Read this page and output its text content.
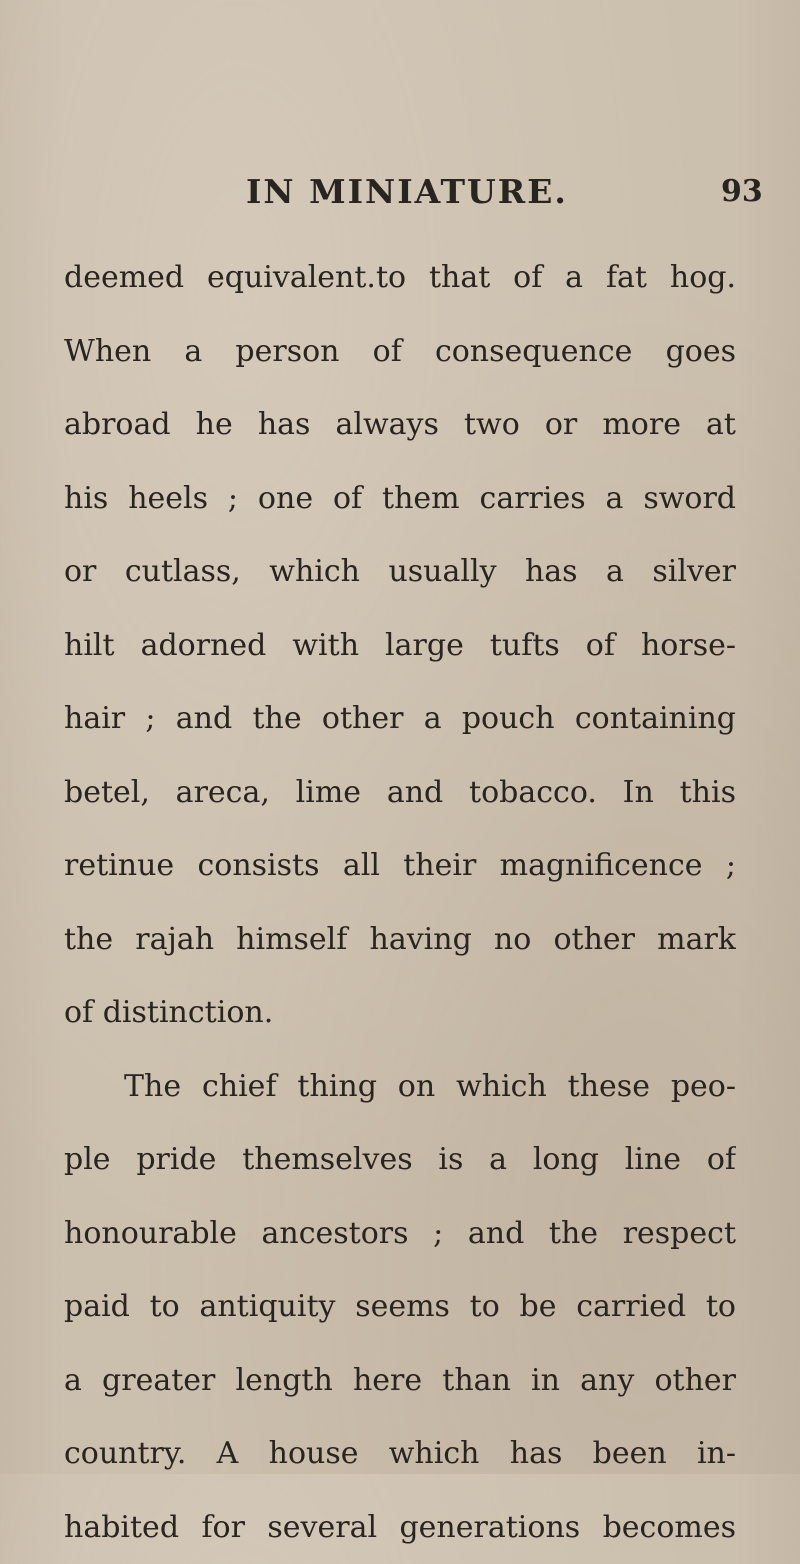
IN MINIATURE.	93
deemed equivalent.to that of a fat hog.
When a person of consequence goes
abroad he has always two or more at
his heels ; one of them carries a sword
or cutlass, which usually has a silver
hilt adorned with large tufts of horse-
hair ; and the other a pouch containing
betel, areca, lime and tobacco. In this
retinue consists all their magnificence ;
the rajah himself having no other mark
of distinction.
The chief thing on which these peo-
ple pride themselves is a long line of
honourable ancestors ; and the respect
paid to antiquity seems to be carried to
a greater length here than in any other
country. A house which has been in-
habited for several generations becomes
